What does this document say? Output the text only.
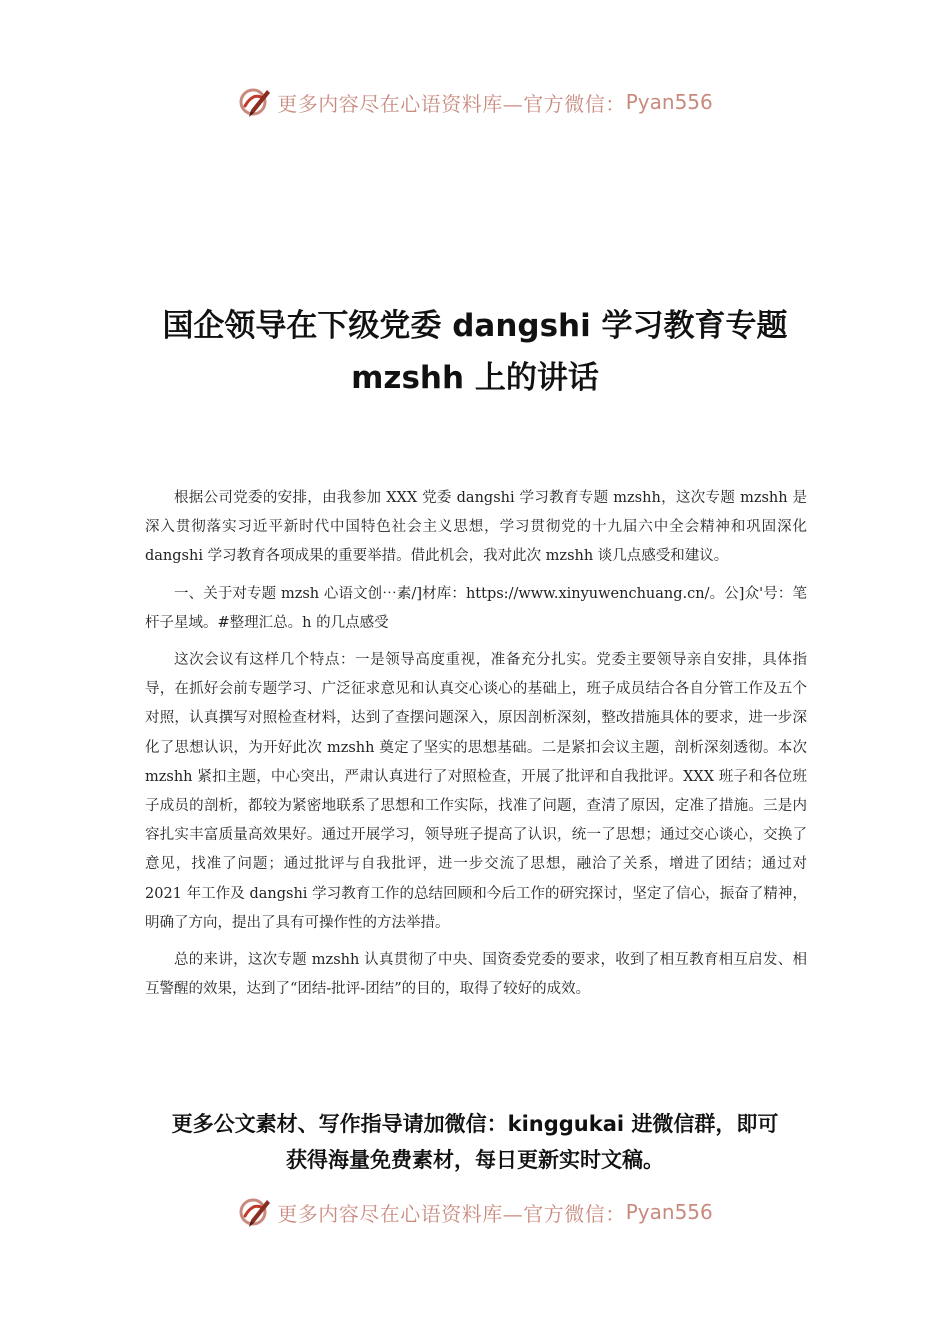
更多内容尽在心语资料库—官方微信： Pyan556
国企领导在下级党委 dangshi 学习教育专题
mzshh 上的讲话

根据公司党委的安排，由我参加 XXX 党委 dangshi 学习教育专题 mzshh，这次专题 mzshh 是深入贯彻落实习近平新时代中国特色社会主义思想，学习贯彻党的十九届六中全会精神和巩固深化 dangshi 学习教育各项成果的重要举措。借此机会，我对此次 mzshh 谈几点感受和建议。

一、关于对专题 mzsh 心语文创⋯素/]材库：https://www.xinyuwenchuang.cn/。公]众'号：笔杆子星域。#整理汇总。h 的几点感受

这次会议有这样几个特点：一是领导高度重视，准备充分扎实。党委主要领导亲自安排，具体指导，在抓好会前专题学习、广泛征求意见和认真交心谈心的基础上，班子成员结合各自分管工作及五个对照，认真撰写对照检查材料，达到了查摆问题深入，原因剖析深刻，整改措施具体的要求，进一步深化了思想认识，为开好此次 mzshh 奠定了坚实的思想基础。二是紧扣会议主题，剖析深刻透彻。本次 mzshh 紧扣主题，中心突出，严肃认真进行了对照检查，开展了批评和自我批评。XXX 班子和各位班子成员的剖析，都较为紧密地联系了思想和工作实际，找准了问题，查清了原因，定准了措施。三是内容扎实丰富质量高效果好。通过开展学习，领导班子提高了认识，统一了思想；通过交心谈心，交换了意见，找准了问题；通过批评与自我批评，进一步交流了思想，融洽了关系，增进了团结；通过对 2021 年工作及 dangshi 学习教育工作的总结回顾和今后工作的研究探讨，坚定了信心，振奋了精神，明确了方向，提出了具有可操作性的方法举措。

总的来讲，这次专题 mzshh 认真贯彻了中央、国资委党委的要求，收到了相互教育相互启发、相互警醒的效果，达到了“团结-批评-团结”的目的，取得了较好的成效。

更多公文素材、写作指导请加微信：kinggukai 进微信群，即可
获得海量免费素材，每日更新实时文稿。
更多内容尽在心语资料库—官方微信： Pyan556
